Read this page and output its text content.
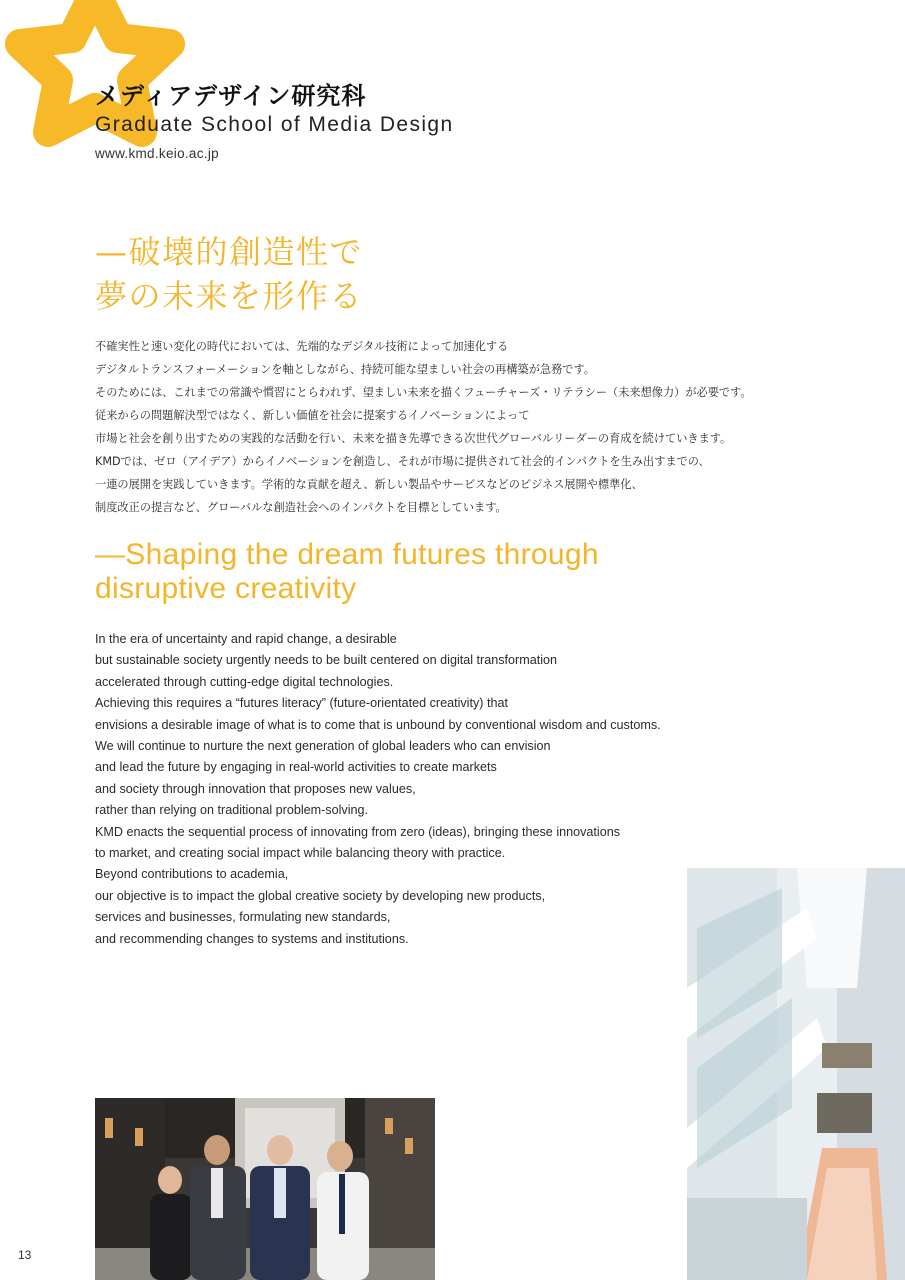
メディアデザイン研究科
Graduate School of Media Design
www.kmd.keio.ac.jp
—破壊的創造性で
夢の未来を形作る
不確実性と速い変化の時代においては、先端的なデジタル技術によって加速化する
デジタルトランスフォーメーションを軸としながら、持続可能な望ましい社会の再構築が急務です。
そのためには、これまでの常識や慣習にとらわれず、望ましい未来を描くフューチャーズ・リテラシー（未来想像力）が必要です。
従来からの問題解決型ではなく、新しい価値を社会に提案するイノベーションによって
市場と社会を創り出すための実践的な活動を行い、未来を描き先導できる次世代グローバルリーダーの育成を続けていきます。
KMDでは、ゼロ（アイデア）からイノベーションを創造し、それが市場に提供されて社会的インパクトを生み出すまでの、
一連の展開を実践していきます。学術的な貢献を超え、新しい製品やサービスなどのビジネス展開や標準化、
制度改正の提言など、グローバルな創造社会へのインパクトを目標としています。
—Shaping the dream futures through
disruptive creativity
In the era of uncertainty and rapid change, a desirable
but sustainable society urgently needs to be built centered on digital transformation
accelerated through cutting-edge digital technologies.
Achieving this requires a “futures literacy” (future-orientated creativity) that
envisions a desirable image of what is to come that is unbound by conventional wisdom and customs.
We will continue to nurture the next generation of global leaders who can envision
and lead the future by engaging in real-world activities to create markets
and society through innovation that proposes new values,
rather than relying on traditional problem-solving.
KMD enacts the sequential process of innovating from zero (ideas), bringing these innovations
to market, and creating social impact while balancing theory with practice.
Beyond contributions to academia,
our objective is to impact the global creative society by developing new products,
services and businesses, formulating new standards,
and recommending changes to systems and institutions.
13
